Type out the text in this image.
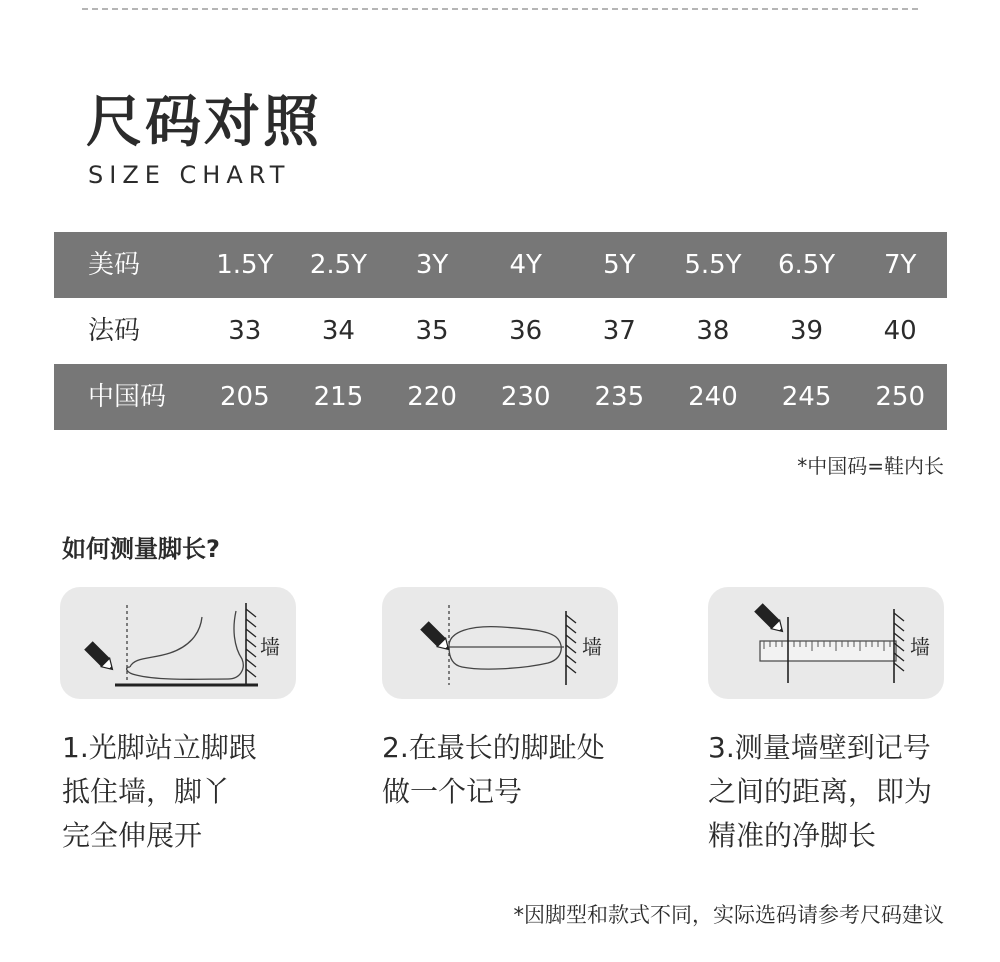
尺码对照
SIZE CHART
美码	1.5Y	2.5Y	3Y	4Y	5Y	5.5Y	6.5Y	7Y
法码	33	34	35	36	37	38	39	40
中国码	205	215	220	230	235	240	245	250
*中国码=鞋内长
如何测量脚长?
墙	墙	墙
1.光脚站立脚跟
抵住墙，脚丫
完全伸展开
2.在最长的脚趾处
做一个记号
3.测量墙壁到记号
之间的距离，即为
精准的净脚长
*因脚型和款式不同，实际选码请参考尺码建议
